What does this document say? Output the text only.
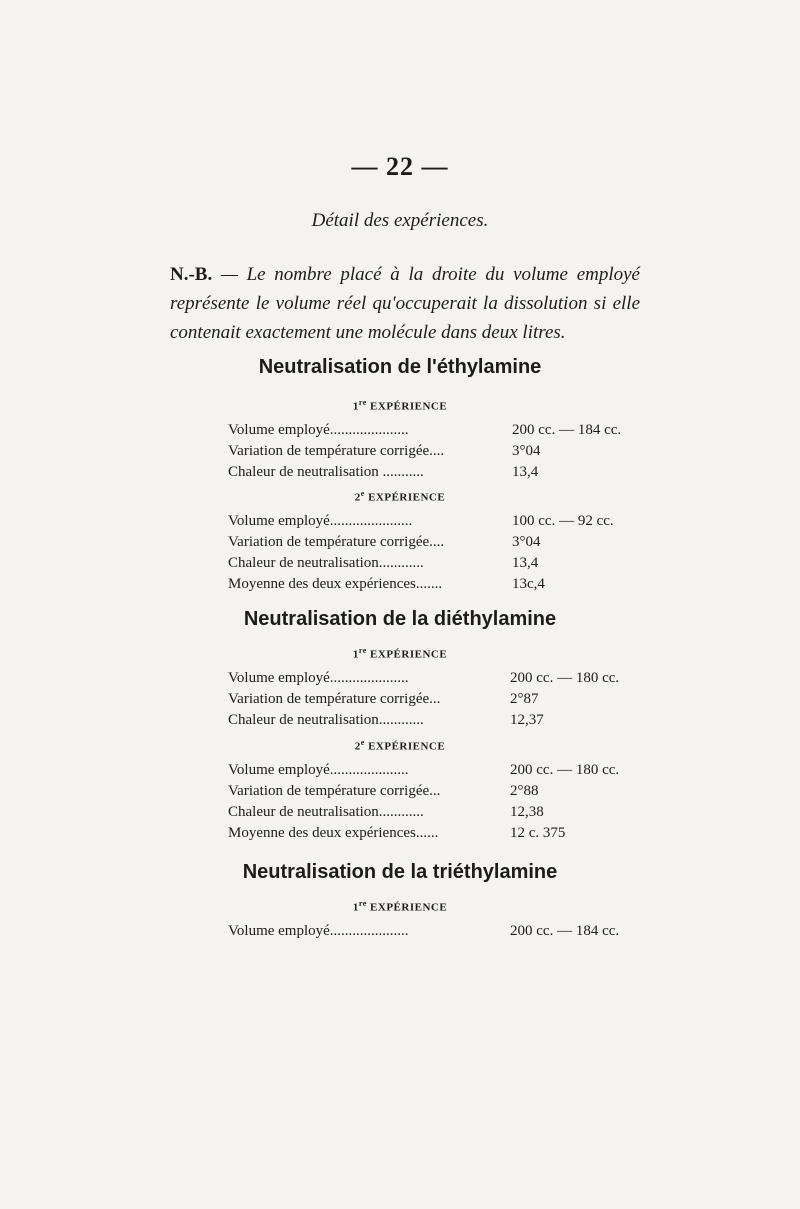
— 22 —
Détail des expériences.
N.-B. — Le nombre placé à la droite du volume employé représente le volume réel qu'occuperait la dissolution si elle contenait exactement une molécule dans deux litres.
Neutralisation de l'éthylamine
1re EXPÉRIENCE
Volume employé.....................	200 cc. — 184 cc.
Variation de température corrigée....	3°04
Chaleur de neutralisation ...........	13,4
2e EXPÉRIENCE
Volume employé......................	100 cc. — 92 cc.
Variation de température corrigée....	3°04
Chaleur de neutralisation............	13,4
Moyenne des deux expériences.......	13c,4
Neutralisation de la diéthylamine
1re EXPÉRIENCE
Volume employé.....................	200 cc. — 180 cc.
Variation de température corrigée...	2°87
Chaleur de neutralisation............	12,37
2e EXPÉRIENCE
Volume employé.....................	200 cc. — 180 cc.
Variation de température corrigée...	2°88
Chaleur de neutralisation............	12,38
Moyenne des deux expériences......	12 c. 375
Neutralisation de la triéthylamine
1re EXPÉRIENCE
Volume employé.....................	200 cc. — 184 cc.
